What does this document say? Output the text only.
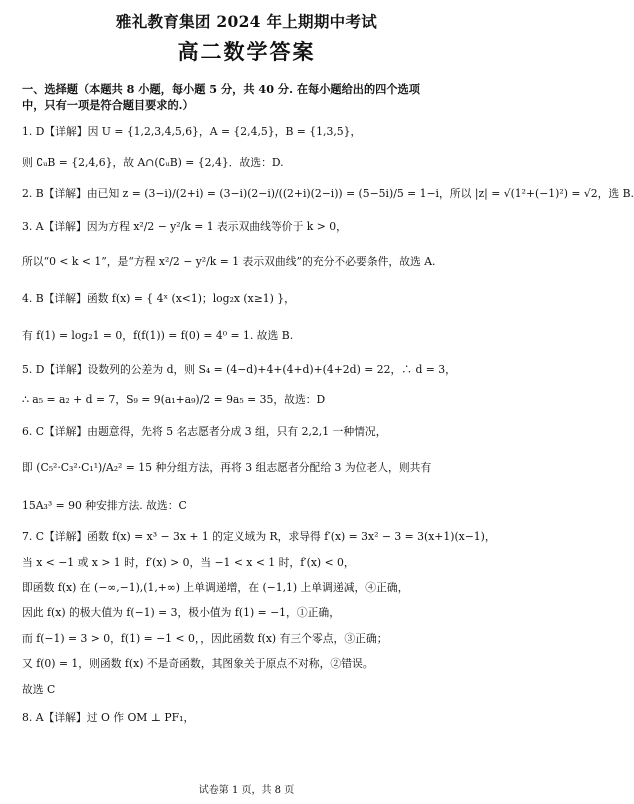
雅礼教育集团 2024 年上期期中考试

高二数学答案

一、选择题（本题共 8 小题，每小题 5 分，共 40 分. 在每小题给出的四个选项

中，只有一项是符合题目要求的.）

1. D【详解】因 U = {1,2,3,4,5,6}，A = {2,4,5}，B = {1,3,5}，

则 ∁ᵤB = {2,4,6}，故 A∩(∁ᵤB) = {2,4}．故选：D.

2. B【详解】由已知 z = (3−i)/(2+i) = (3−i)(2−i)/((2+i)(2−i)) = (5−5i)/5 = 1−i，所以 |z| = √(1²+(−1)²) = √2，选 B.

3. A【详解】因为方程 x²/2 − y²/k = 1 表示双曲线等价于 k > 0，

所以“0 < k < 1”，是“方程 x²/2 − y²/k = 1 表示双曲线”的充分不必要条件，故选 A.

4. B【详解】函数 f(x) = { 4ˣ (x<1)；log₂x (x≥1) }，

有 f(1) = log₂1 = 0，f(f(1)) = f(0) = 4⁰ = 1. 故选 B.

5. D【详解】设数列的公差为 d，则 S₄ = (4−d)+4+(4+d)+(4+2d) = 22，∴ d = 3，

∴ a₅ = a₂ + d = 7，S₉ = 9(a₁+a₉)/2 = 9a₅ = 35，故选：D

6. C【详解】由题意得，先将 5 名志愿者分成 3 组，只有 2,2,1 一种情况，

即 (C₅²·C₃²·C₁¹)/A₂² = 15 种分组方法，再将 3 组志愿者分配给 3 为位老人，则共有

15A₃³ = 90 种安排方法. 故选：C

7. C【详解】函数 f(x) = x³ − 3x + 1 的定义域为 R，求导得 f′(x) = 3x² − 3 = 3(x+1)(x−1)，

当 x < −1 或 x > 1 时，f′(x) > 0，当 −1 < x < 1 时，f′(x) < 0，

即函数 f(x) 在 (−∞,−1),(1,+∞) 上单调递增，在 (−1,1) 上单调递减，④正确，

因此 f(x) 的极大值为 f(−1) = 3，极小值为 f(1) = −1，①正确，

而 f(−1) = 3 > 0，f(1) = −1 < 0，，因此函数 f(x) 有三个零点，③正确；

又 f(0) = 1，则函数 f(x) 不是奇函数，其图象关于原点不对称，②错误。

故选 C

8. A【详解】过 O 作 OM ⊥ PF₁，

试卷第 1 页，共 8 页
